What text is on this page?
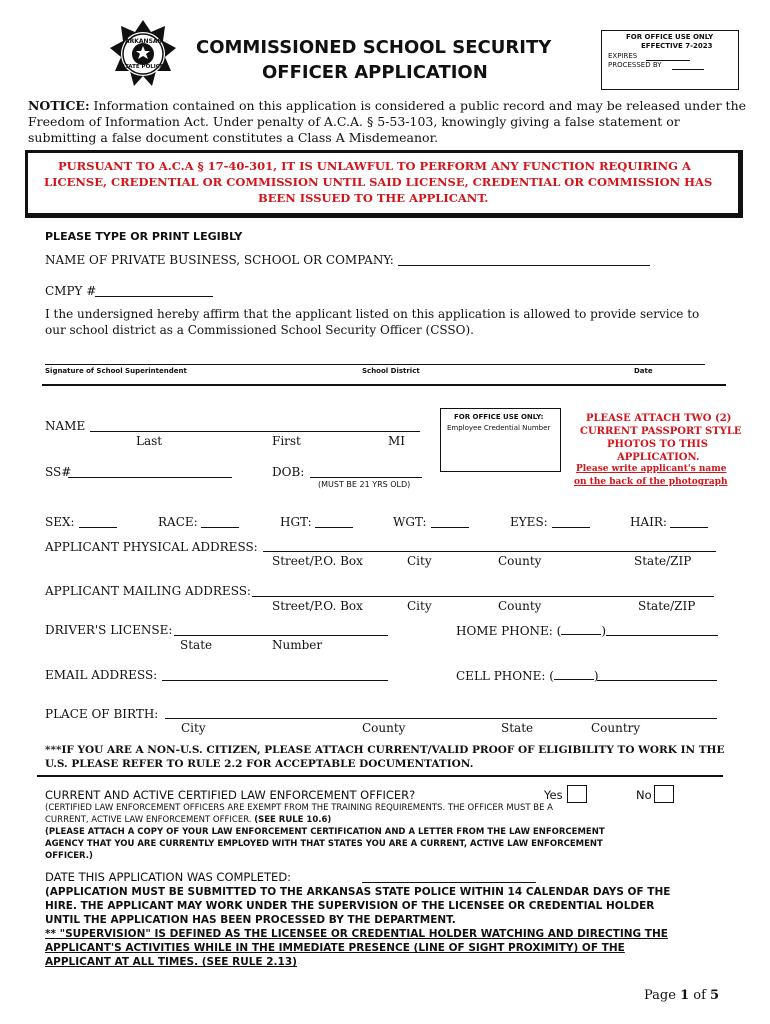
ARKANSAS
STATE POLICE
COMMISSIONED SCHOOL SECURITY
OFFICER APPLICATION
FOR OFFICE USE ONLY
EFFECTIVE 7-2023
EXPIRES
PROCESSED BY
NOTICE: Information contained on this application is considered a public record and may be released under the
Freedom of Information Act. Under penalty of A.C.A. § 5-53-103, knowingly giving a false statement or
submitting a false document constitutes a Class A Misdemeanor.
PURSUANT TO A.C.A § 17-40-301, IT IS UNLAWFUL TO PERFORM ANY FUNCTION REQUIRING A
LICENSE, CREDENTIAL OR COMMISSION UNTIL SAID LICENSE, CREDENTIAL OR COMMISSION HAS
BEEN ISSUED TO THE APPLICANT.
PLEASE TYPE OR PRINT LEGIBLY
NAME OF PRIVATE BUSINESS, SCHOOL OR COMPANY:
CMPY #
I the undersigned hereby affirm that the applicant listed on this application is allowed to provide service to
our school district as a Commissioned School Security Officer (CSSO).
Signature of School Superintendent	School District	Date
NAME
Last	First	MI
FOR OFFICE USE ONLY:
Employee Credential Number
PLEASE ATTACH TWO (2)
CURRENT PASSPORT STYLE
PHOTOS TO THIS
APPLICATION.
Please write applicant's name
on the back of the photograph
SS#	DOB:
(MUST BE 21 YRS OLD)
SEX:	RACE:	HGT:	WGT:	EYES:	HAIR:
APPLICANT PHYSICAL ADDRESS:
Street/P.O. Box	City	County	State/ZIP
APPLICANT MAILING ADDRESS:
Street/P.O. Box	City	County	State/ZIP
DRIVER'S LICENSE:
State	Number
HOME PHONE: (	)
EMAIL ADDRESS:	CELL PHONE: (	)
PLACE OF BIRTH:
City	County	State	Country
***IF YOU ARE A NON-U.S. CITIZEN, PLEASE ATTACH CURRENT/VALID PROOF OF ELIGIBILITY TO WORK IN THE
U.S. PLEASE REFER TO RULE 2.2 FOR ACCEPTABLE DOCUMENTATION.
CURRENT AND ACTIVE CERTIFIED LAW ENFORCEMENT OFFICER?	Yes	No
(CERTIFIED LAW ENFORCEMENT OFFICERS ARE EXEMPT FROM THE TRAINING REQUIREMENTS. THE OFFICER MUST BE A
CURRENT, ACTIVE LAW ENFORCEMENT OFFICER. (SEE RULE 10.6)
(PLEASE ATTACH A COPY OF YOUR LAW ENFORCEMENT CERTIFICATION AND A LETTER FROM THE LAW ENFORCEMENT
AGENCY THAT YOU ARE CURRENTLY EMPLOYED WITH THAT STATES YOU ARE A CURRENT, ACTIVE LAW ENFORCEMENT
OFFICER.)
DATE THIS APPLICATION WAS COMPLETED:
(APPLICATION MUST BE SUBMITTED TO THE ARKANSAS STATE POLICE WITHIN 14 CALENDAR DAYS OF THE
HIRE. THE APPLICANT MAY WORK UNDER THE SUPERVISION OF THE LICENSEE OR CREDENTIAL HOLDER
UNTIL THE APPLICATION HAS BEEN PROCESSED BY THE DEPARTMENT.
** "SUPERVISION" IS DEFINED AS THE LICENSEE OR CREDENTIAL HOLDER WATCHING AND DIRECTING THE
APPLICANT'S ACTIVITIES WHILE IN THE IMMEDIATE PRESENCE (LINE OF SIGHT PROXIMITY) OF THE
APPLICANT AT ALL TIMES. (SEE RULE 2.13)
Page 1 of 5
